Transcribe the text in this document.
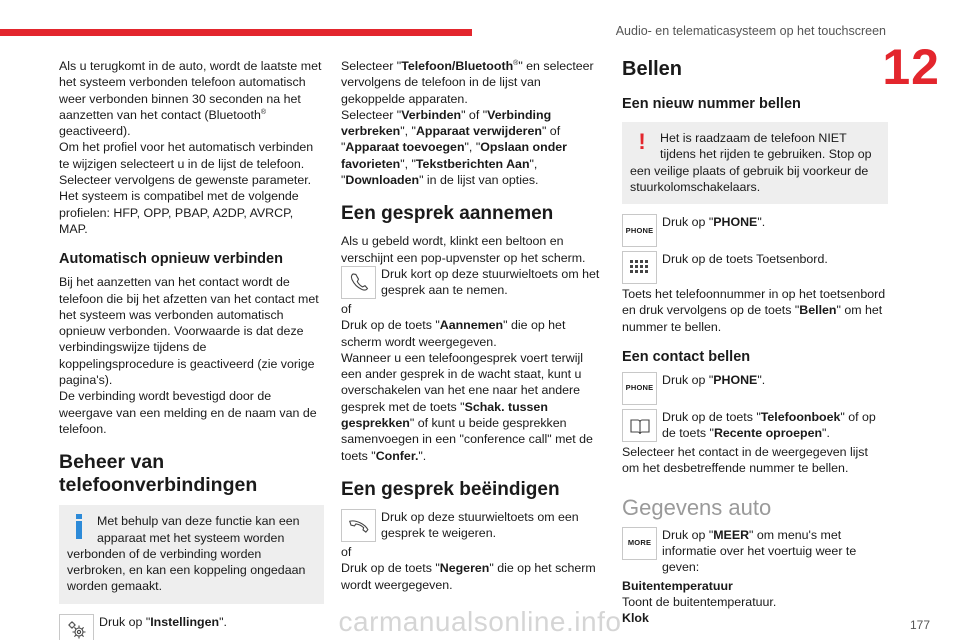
Audio- en telematicasysteem op het touchscreen
12

Als u terugkomt in de auto, wordt de laatste met het systeem verbonden telefoon automatisch weer verbonden binnen 30 seconden na het aanzetten van het contact (Bluetooth® geactiveerd).

Om het profiel voor het automatisch verbinden te wijzigen selecteert u in de lijst de telefoon. Selecteer vervolgens de gewenste parameter.

Het systeem is compatibel met de volgende profielen: HFP, OPP, PBAP, A2DP, AVRCP, MAP.

Automatisch opnieuw verbinden

Bij het aanzetten van het contact wordt de telefoon die bij het afzetten van het contact met het systeem was verbonden automatisch opnieuw verbonden. Voorwaarde is dat deze verbindingswijze tijdens de koppelingsprocedure is geactiveerd (zie vorige pagina's).

De verbinding wordt bevestigd door de weergave van een melding en de naam van de telefoon.

Beheer van telefoonverbindingen
Met behulp van deze functie kan een apparaat met het systeem worden verbonden of de verbinding worden verbroken, en kan een koppeling ongedaan worden gemaakt.
Druk op "Instellingen".

Selecteer "Telefoon/Bluetooth®" en selecteer vervolgens de telefoon in de lijst van gekoppelde apparaten.

Selecteer "Verbinden" of "Verbinding verbreken", "Apparaat verwijderen" of "Apparaat toevoegen", "Opslaan onder favorieten", "Tekstberichten Aan", "Downloaden" in de lijst van opties.

Een gesprek aannemen

Als u gebeld wordt, klinkt een beltoon en verschijnt een pop-upvenster op het scherm.

Druk kort op deze stuurwieltoets om het gesprek aan te nemen.

of

Druk op de toets "Aannemen" die op het scherm wordt weergegeven.

Wanneer u een telefoongesprek voert terwijl een ander gesprek in de wacht staat, kunt u overschakelen van het ene naar het andere gesprek met de toets "Schak. tussen gesprekken" of kunt u beide gesprekken samenvoegen in een "conference call" met de toets "Confer.".

Een gesprek beëindigen
Druk op deze stuurwieltoets om een gesprek te weigeren.

of

Druk op de toets "Negeren" die op het scherm wordt weergegeven.

Bellen
Een nieuw nummer bellen
!	Het is raadzaam de telefoon NIET tijdens het rijden te gebruiken. Stop op een veilige plaats of gebruik bij voorkeur de stuurkolomschakelaars.
PHONE
Druk op "PHONE".
Druk op de toets Toetsenbord.

Toets het telefoonnummer in op het toetsenbord en druk vervolgens op de toets "Bellen" om het nummer te bellen.

Een contact bellen
PHONE
Druk op "PHONE".
Druk op de toets "Telefoonboek" of op de toets "Recente oproepen".

Selecteer het contact in de weergegeven lijst om het desbetreffende nummer te bellen.

Gegevens auto
MORE
Druk op "MEER" om menu's met informatie over het voertuig weer te geven:

Buitentemperatuur

Toont de buitentemperatuur.

Klok

carmanualsonline.info	177
